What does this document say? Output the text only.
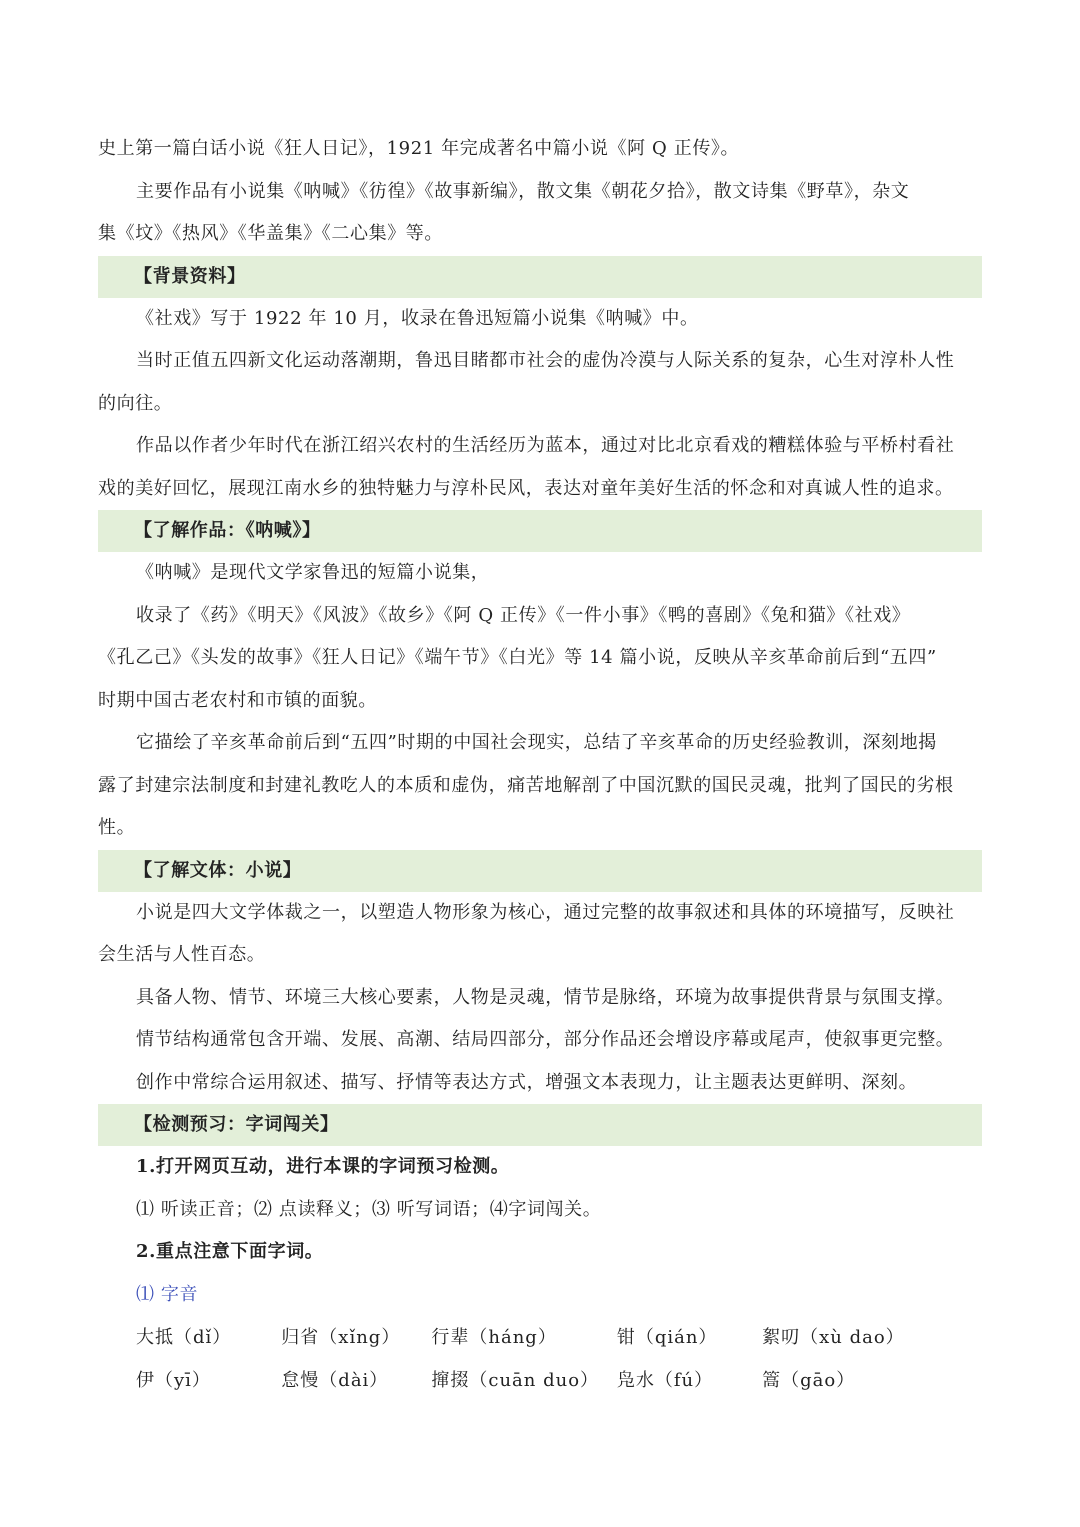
史上第一篇白话小说《狂人日记》，1921 年完成著名中篇小说《阿 Q 正传》。
主要作品有小说集《呐喊》《彷徨》《故事新编》，散文集《朝花夕拾》，散文诗集《野草》，杂文
集《坟》《热风》《华盖集》《二心集》等。
【背景资料】
《社戏》写于 1922 年 10 月，收录在鲁迅短篇小说集《呐喊》中。
当时正值五四新文化运动落潮期，鲁迅目睹都市社会的虚伪冷漠与人际关系的复杂，心生对淳朴人性
的向往。
作品以作者少年时代在浙江绍兴农村的生活经历为蓝本，通过对比北京看戏的糟糕体验与平桥村看社
戏的美好回忆，展现江南水乡的独特魅力与淳朴民风，表达对童年美好生活的怀念和对真诚人性的追求。
【了解作品：《呐喊》】
《呐喊》是现代文学家鲁迅的短篇小说集，
收录了《药》《明天》《风波》《故乡》《阿 Q 正传》《一件小事》《鸭的喜剧》《兔和猫》《社戏》
《孔乙己》《头发的故事》《狂人日记》《端午节》《白光》等 14 篇小说，反映从辛亥革命前后到“五四”
时期中国古老农村和市镇的面貌。
它描绘了辛亥革命前后到“五四”时期的中国社会现实，总结了辛亥革命的历史经验教训，深刻地揭
露了封建宗法制度和封建礼教吃人的本质和虚伪，痛苦地解剖了中国沉默的国民灵魂，批判了国民的劣根
性。
【了解文体：小说】
小说是四大文学体裁之一，以塑造人物形象为核心，通过完整的故事叙述和具体的环境描写，反映社
会生活与人性百态。
具备人物、情节、环境三大核心要素，人物是灵魂，情节是脉络，环境为故事提供背景与氛围支撑。
情节结构通常包含开端、发展、高潮、结局四部分，部分作品还会增设序幕或尾声，使叙事更完整。
创作中常综合运用叙述、描写、抒情等表达方式，增强文本表现力，让主题表达更鲜明、深刻。
【检测预习：字词闯关】
1.打开网页互动，进行本课的字词预习检测。
⑴ 听读正音；⑵ 点读释义；⑶ 听写词语；⑷字词闯关。
2.重点注意下面字词。
⑴ 字音
大抵（dǐ）	归省（xǐng）	行辈（háng）	钳（qián）	絮叨（xù dao）
伊（yī）	怠慢（dài）	撺掇（cuān duo） 凫水（fú）	篙（gāo）
